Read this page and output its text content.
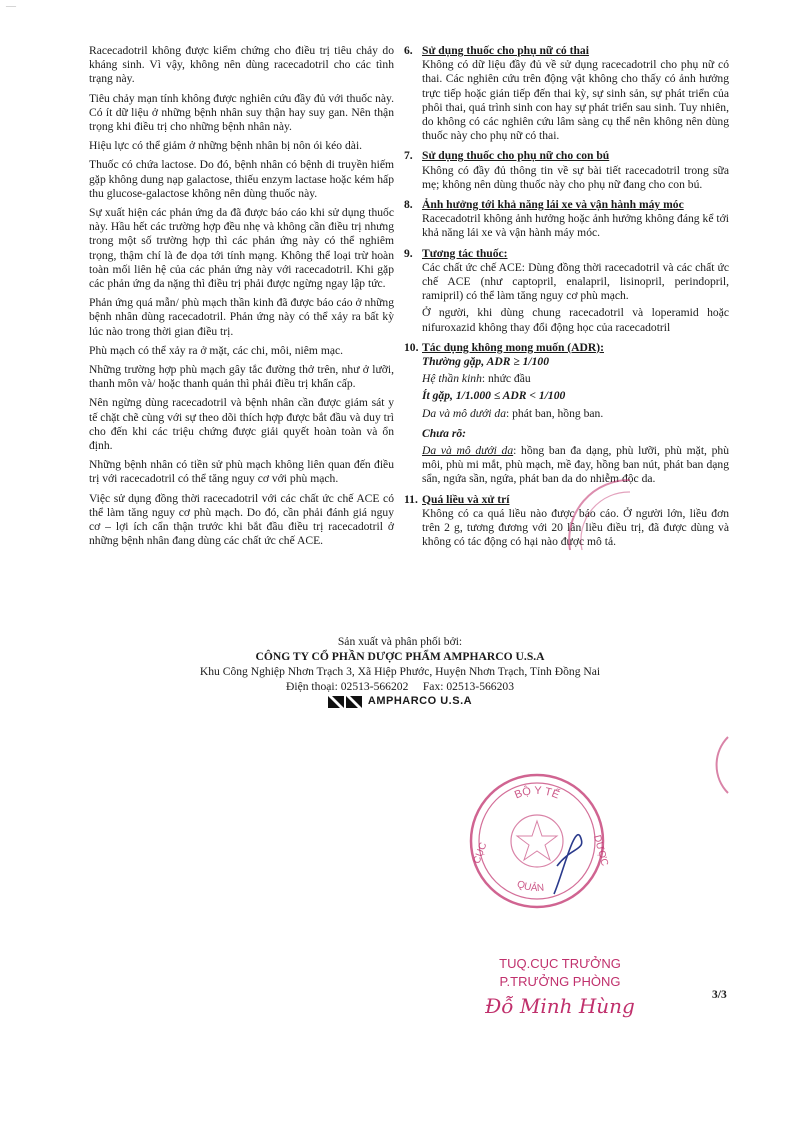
—

Racecadotril không được kiểm chứng cho điều trị tiêu chảy do kháng sinh. Vì vậy, không nên dùng racecadotril cho các tình trạng này.

Tiêu chảy mạn tính không được nghiên cứu đầy đủ với thuốc này. Có ít dữ liệu ở những bệnh nhân suy thận hay suy gan. Nên thận trọng khi điều trị cho những bệnh nhân này.

Hiệu lực có thể giảm ở những bệnh nhân bị nôn ói kéo dài.

Thuốc có chứa lactose. Do đó, bệnh nhân có bệnh di truyền hiếm gặp không dung nạp galactose, thiếu enzym lactase hoặc kém hấp thu glucose-galactose không nên dùng thuốc này.

Sự xuất hiện các phản ứng da đã được báo cáo khi sử dụng thuốc này. Hầu hết các trường hợp đều nhẹ và không cần điều trị nhưng trong một số trường hợp thì các phản ứng này có thể nghiêm trọng, thậm chí là đe dọa tới tính mạng. Không thể loại trừ hoàn toàn mối liên hệ của các phản ứng này với racecadotril. Khi gặp các phản ứng da nặng thì điều trị phải được ngừng ngay lập tức.

Phản ứng quá mẫn/ phù mạch thần kinh đã được báo cáo ở những bệnh nhân dùng racecadotril. Phản ứng này có thể xảy ra bất kỳ lúc nào trong thời gian điều trị.

Phù mạch có thể xảy ra ở mặt, các chi, môi, niêm mạc.

Những trường hợp phù mạch gây tắc đường thở trên, như ở lưỡi, thanh môn và/ hoặc thanh quản thì phải điều trị khẩn cấp.

Nên ngừng dùng racecadotril và bệnh nhân cần được giám sát y tế chặt chẽ cùng với sự theo dõi thích hợp được bắt đầu và duy trì cho đến khi các triệu chứng được giải quyết hoàn toàn và ổn định.

Những bệnh nhân có tiền sử phù mạch không liên quan đến điều trị với racecadotril có thể tăng nguy cơ với phù mạch.

Việc sử dụng đồng thời racecadotril với các chất ức chế ACE có thể làm tăng nguy cơ phù mạch. Do đó, cần phải đánh giá nguy cơ – lợi ích cẩn thận trước khi bắt đầu điều trị racecadotril ở những bệnh nhân đang dùng các chất ức chế ACE.

6. Sử dụng thuốc cho phụ nữ có thai

Không có dữ liệu đầy đủ về sử dụng racecadotril cho phụ nữ có thai. Các nghiên cứu trên động vật không cho thấy có ảnh hưởng trực tiếp hoặc gián tiếp đến thai kỳ, sự sinh sản, sự phát triển của phôi thai, quá trình sinh con hay sự phát triển sau sinh. Tuy nhiên, do không có các nghiên cứu lâm sàng cụ thể nên không nên dùng thuốc này cho phụ nữ có thai.

7. Sử dụng thuốc cho phụ nữ cho con bú

Không có đầy đủ thông tin về sự bài tiết racecadotril trong sữa mẹ; không nên dùng thuốc này cho phụ nữ đang cho con bú.

8. Ảnh hưởng tới khả năng lái xe và vận hành máy móc

Racecadotril không ảnh hưởng hoặc ảnh hưởng không đáng kể tới khả năng lái xe và vận hành máy móc.

9. Tương tác thuốc:

Các chất ức chế ACE: Dùng đồng thời racecadotril và các chất ức chế ACE (như captopril, enalapril, lisinopril, perindopril, ramipril) có thể làm tăng nguy cơ phù mạch.

Ở người, khi dùng chung racecadotril và loperamid hoặc nifuroxazid không thay đổi động học của racecadotril

10. Tác dụng không mong muốn (ADR):

Thường gặp, ADR ≥ 1/100

Hệ thần kinh: nhức đầu

Ít gặp, 1/1.000 ≤ ADR < 1/100

Da và mô dưới da: phát ban, hồng ban.

Chưa rõ:

Da và mô dưới da: hồng ban đa dạng, phù lưỡi, phù mặt, phù môi, phù mi mắt, phù mạch, mề đay, hồng ban nút, phát ban dạng sẩn, ngứa sần, ngứa, phát ban da do nhiễm độc da.

11. Quá liều và xử trí

Không có ca quá liều nào được báo cáo. Ở người lớn, liều đơn trên 2 g, tương đương với 20 lần liều điều trị, đã được dùng và không có tác động có hại nào được mô tả.

Sản xuất và phân phối bởi:
CÔNG TY CỔ PHẦN DƯỢC PHẨM AMPHARCO U.S.A
Khu Công Nghiệp Nhơn Trạch 3, Xã Hiệp Phước, Huyện Nhơn Trạch, Tỉnh Đồng Nai
Điện thoại: 02513-566202     Fax: 02513-566203
AMPHARCO U.S.A
BỘ Y TẾ
CỤC
QUẢN
DƯỢC
TUQ.CỤC TRƯỞNG
P.TRƯỞNG PHÒNG
Đỗ Minh Hùng	3/3
